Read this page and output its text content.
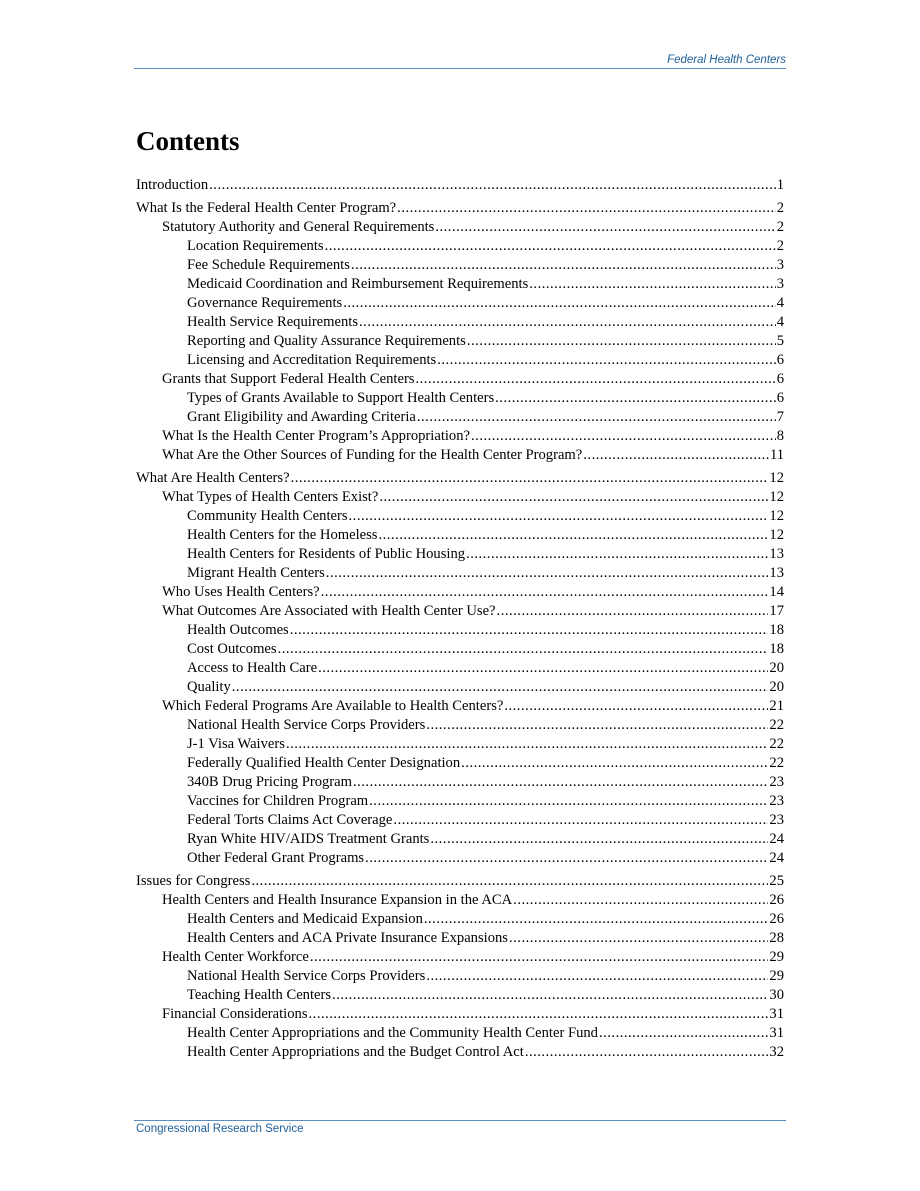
Federal Health Centers
Contents
Introduction .....	1
What Is the Federal Health Center Program? .....	2
Statutory Authority and General Requirements .....	2
Location Requirements .....	2
Fee Schedule Requirements .....	3
Medicaid Coordination and Reimbursement Requirements .....	3
Governance Requirements .....	4
Health Service Requirements .....	4
Reporting and Quality Assurance Requirements .....	5
Licensing and Accreditation Requirements .....	6
Grants that Support Federal Health Centers .....	6
Types of Grants Available to Support Health Centers .....	6
Grant Eligibility and Awarding Criteria .....	7
What Is the Health Center Program’s Appropriation? .....	8
What Are the Other Sources of Funding for the Health Center Program? .....	11
What Are Health Centers? .....	12
What Types of Health Centers Exist? .....	12
Community Health Centers .....	12
Health Centers for the Homeless .....	12
Health Centers for Residents of Public Housing .....	13
Migrant Health Centers .....	13
Who Uses Health Centers? .....	14
What Outcomes Are Associated with Health Center Use? .....	17
Health Outcomes .....	18
Cost Outcomes .....	18
Access to Health Care .....	20
Quality .....	20
Which Federal Programs Are Available to Health Centers? .....	21
National Health Service Corps Providers .....	22
J-1 Visa Waivers .....	22
Federally Qualified Health Center Designation .....	22
340B Drug Pricing Program .....	23
Vaccines for Children Program .....	23
Federal Torts Claims Act Coverage .....	23
Ryan White HIV/AIDS Treatment Grants .....	24
Other Federal Grant Programs .....	24
Issues for Congress .....	25
Health Centers and Health Insurance Expansion in the ACA .....	26
Health Centers and Medicaid Expansion .....	26
Health Centers and ACA Private Insurance Expansions .....	28
Health Center Workforce .....	29
National Health Service Corps Providers .....	29
Teaching Health Centers .....	30
Financial Considerations .....	31
Health Center Appropriations and the Community Health Center Fund .....	31
Health Center Appropriations and the Budget Control Act .....	32
Congressional Research Service
